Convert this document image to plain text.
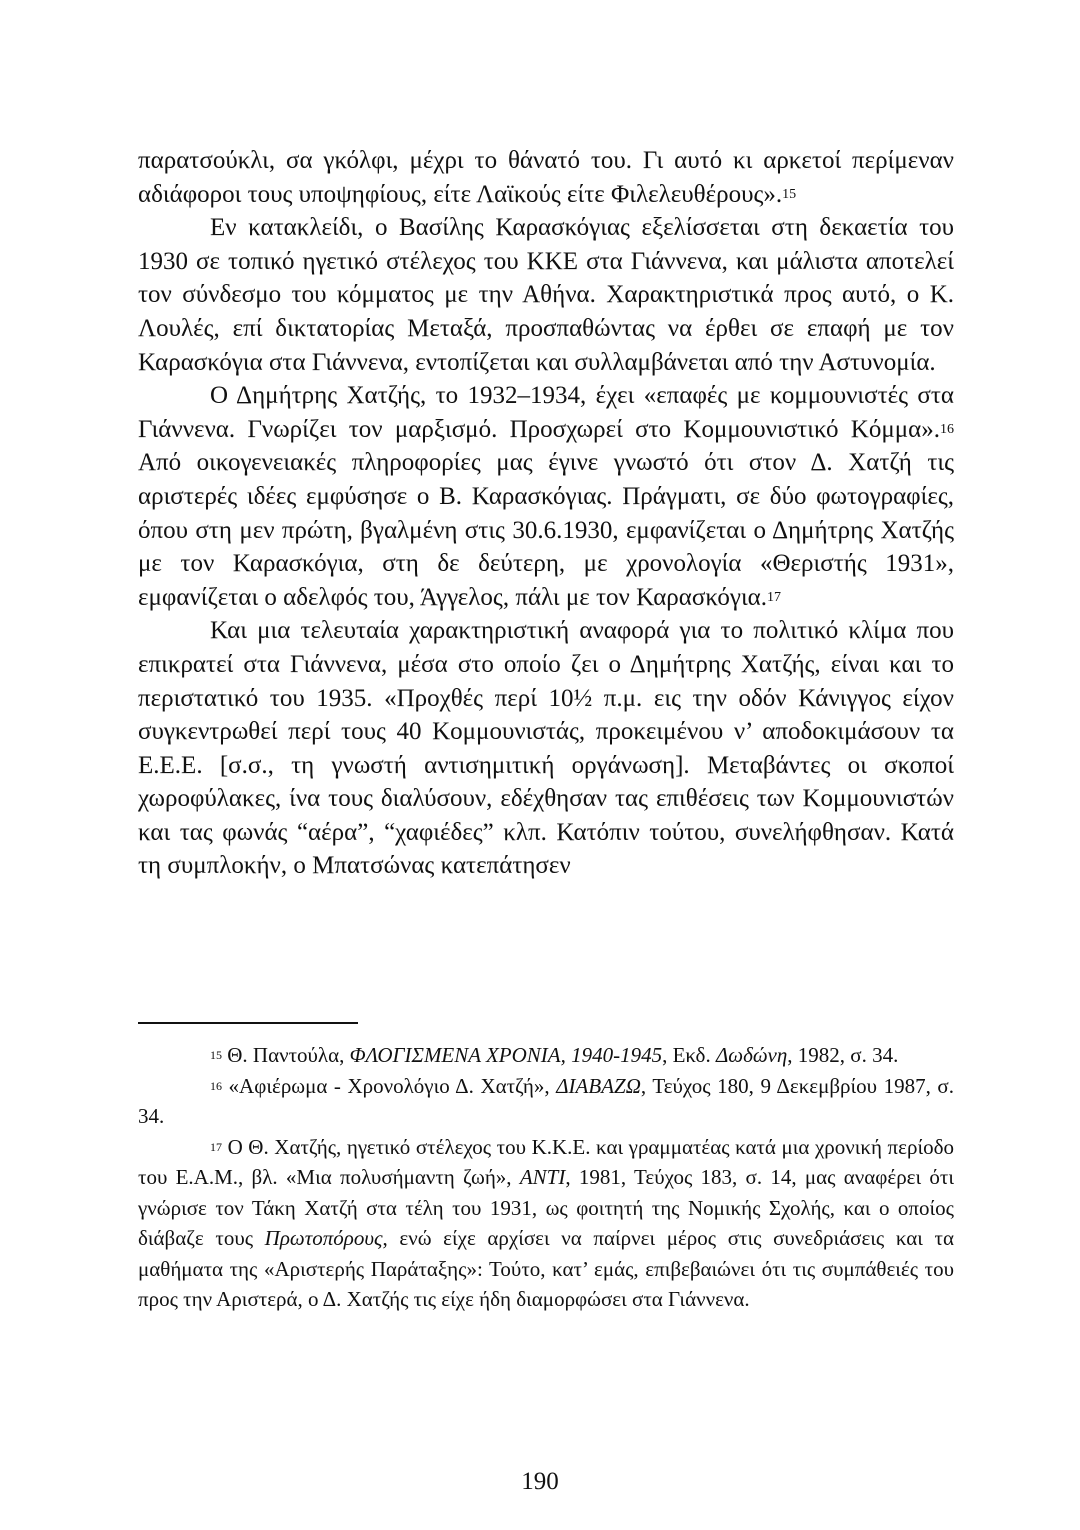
παρατσούκλι, σα γκόλφι, μέχρι το θάνατό του. Γι αυτό κι αρκετοί περίμεναν αδιάφοροι τους υποψηφίους, είτε Λαϊκούς είτε Φιλελευθέρους».$^{15}$

Εν κατακλείδι, ο Βασίλης Καρασκόγιας εξελίσσεται στη δεκαετία του 1930 σε τοπικό ηγετικό στέλεχος του ΚΚΕ στα Γιάννενα, και μάλιστα αποτελεί τον σύνδεσμο του κόμματος με την Αθήνα. Χαρακτηριστικά προς αυτό, ο Κ. Λουλές, επί δικτατορίας Μεταξά, προσπαθώντας να έρθει σε επαφή με τον Καρασκόγια στα Γιάννενα, εντοπίζεται και συλλαμβάνεται από την Αστυνομία.

Ο Δημήτρης Χατζής, το 1932–1934, έχει «επαφές με κομμουνιστές στα Γιάννενα. Γνωρίζει τον μαρξισμό. Προσχωρεί στο Κομμουνιστικό Κόμμα».$^{16}$ Από οικογενειακές πληροφορίες μας έγινε γνωστό ότι στον Δ. Χατζή τις αριστερές ιδέες εμφύσησε ο Β. Καρασκόγιας. Πράγματι, σε δύο φωτογραφίες, όπου στη μεν πρώτη, βγαλμένη στις 30.6.1930, εμφανίζεται ο Δημήτρης Χατζής με τον Καρασκόγια, στη δε δεύτερη, με χρονολογία «Θεριστής 1931», εμφανίζεται ο αδελφός του, Άγγελος, πάλι με τον Καρασκόγια.$^{17}$

Και μια τελευταία χαρακτηριστική αναφορά για το πολιτικό κλίμα που επικρατεί στα Γιάννενα, μέσα στο οποίο ζει ο Δημήτρης Χατζής, είναι και το περιστατικό του 1935. «Προχθές περί 10½ π.μ. εις την οδόν Κάνιγγος είχον συγκεντρωθεί περί τους 40 Κομμουνιστάς, προκειμένου ν’ αποδοκιμάσουν τα Ε.Ε.Ε. [σ.σ., τη γνωστή αντισημιτική οργάνωση]. Μεταβάντες οι σκοποί χωροφύλακες, ίνα τους διαλύσουν, εδέχθησαν τας επιθέσεις των Κομμουνιστών και τας φωνάς “αέρα”, “χαφιέδες” κλπ. Κατόπιν τούτου, συνελήφθησαν. Κατά τη συμπλοκήν, ο Μπατσώνας κατεπάτησεν

$^{15}$ Θ. Παντούλα, ΦΛΟΓΙΣΜΕΝΑ ΧΡΟΝΙΑ, 1940-1945, Εκδ. Δωδώνη, 1982, σ. 34.

$^{16}$ «Αφιέρωμα - Χρονολόγιο Δ. Χατζή», ΔΙΑΒΑΖΩ, Τεύχος 180, 9 Δεκεμβρίου 1987, σ. 34.

$^{17}$ Ο Θ. Χατζής, ηγετικό στέλεχος του Κ.Κ.Ε. και γραμματέας κατά μια χρονική περίοδο του Ε.Α.Μ., βλ. «Μια πολυσήμαντη ζωή», ΑΝΤΙ, 1981, Τεύχος 183, σ. 14, μας αναφέρει ότι γνώρισε τον Τάκη Χατζή στα τέλη του 1931, ως φοιτητή της Νομικής Σχολής, και ο οποίος διάβαζε τους Πρωτοπόρους, ενώ είχε αρχίσει να παίρνει μέρος στις συνεδριάσεις και τα μαθήματα της «Αριστερής Παράταξης»: Τούτο, κατ’ εμάς, επιβεβαιώνει ότι τις συμπάθειές του προς την Αριστερά, ο Δ. Χατζής τις είχε ήδη διαμορφώσει στα Γιάννενα.

190
